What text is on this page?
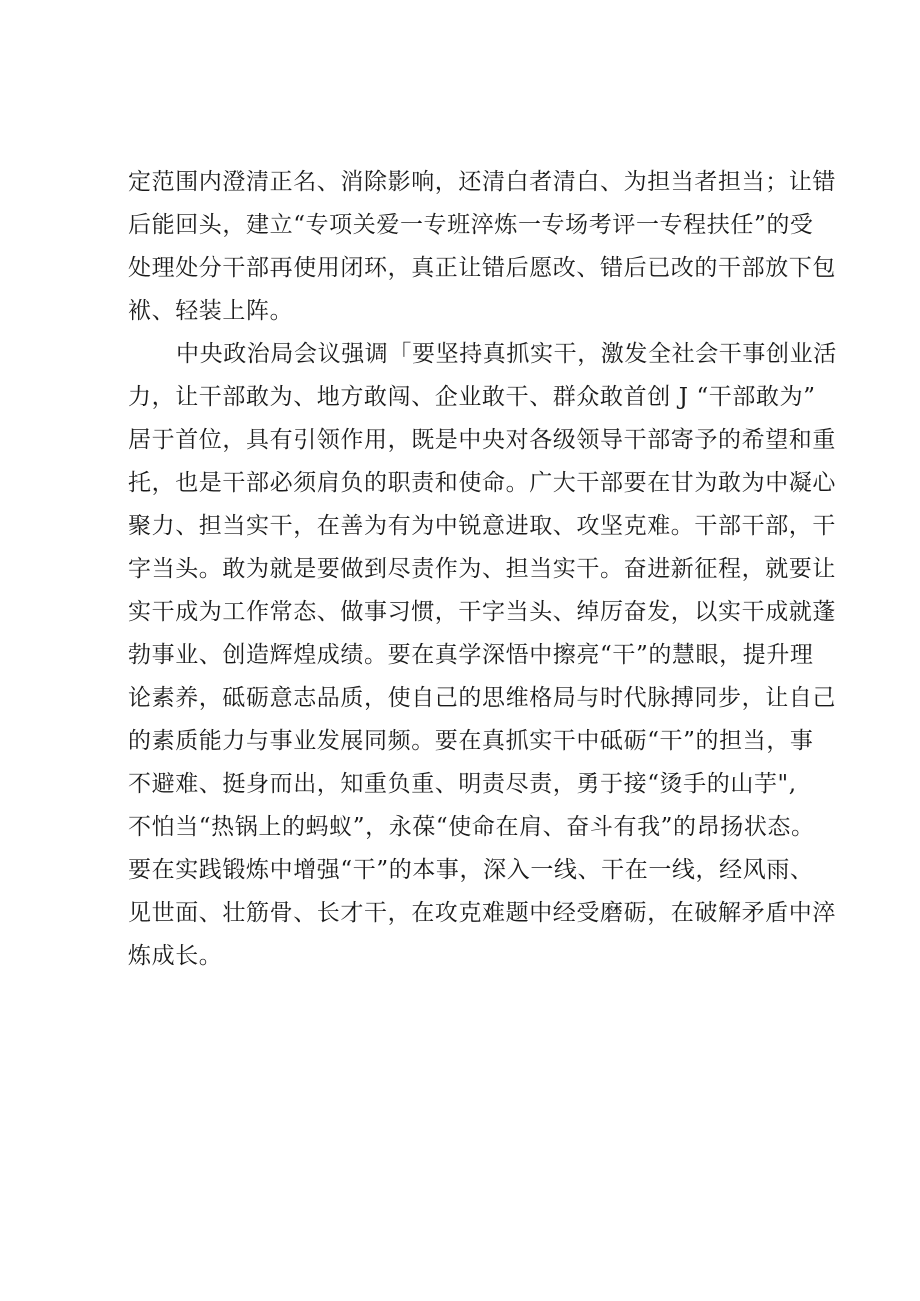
定范围内澄清正名、消除影响，还清白者清白、为担当者担当；让错
后能回头，建立“专项关爱一专班淬炼一专场考评一专程扶任”的受
处理处分干部再使用闭环，真正让错后愿改、错后已改的干部放下包
袱、轻装上阵。
中央政治局会议强调「要坚持真抓实干，激发全社会干事创业活
力，让干部敢为、地方敢闯、企业敢干、群众敢首创 J “干部敢为”
居于首位，具有引领作用，既是中央对各级领导干部寄予的希望和重
托，也是干部必须肩负的职责和使命。广大干部要在甘为敢为中凝心
聚力、担当实干，在善为有为中锐意进取、攻坚克难。干部干部，干
字当头。敢为就是要做到尽责作为、担当实干。奋进新征程，就要让
实干成为工作常态、做事习惯，干字当头、绰厉奋发，以实干成就蓬
勃事业、创造辉煌成绩。要在真学深悟中擦亮“干”的慧眼，提升理
论素养，砥砺意志品质，使自己的思维格局与时代脉搏同步，让自己
的素质能力与事业发展同频。要在真抓实干中砥砺“干”的担当，事
不避难、挺身而出，知重负重、明责尽责，勇于接“烫手的山芋",
不怕当“热锅上的蚂蚁”，永葆“使命在肩、奋斗有我”的昂扬状态。
要在实践锻炼中增强“干”的本事，深入一线、干在一线，经风雨、
见世面、壮筋骨、长才干，在攻克难题中经受磨砺，在破解矛盾中淬
炼成长。
